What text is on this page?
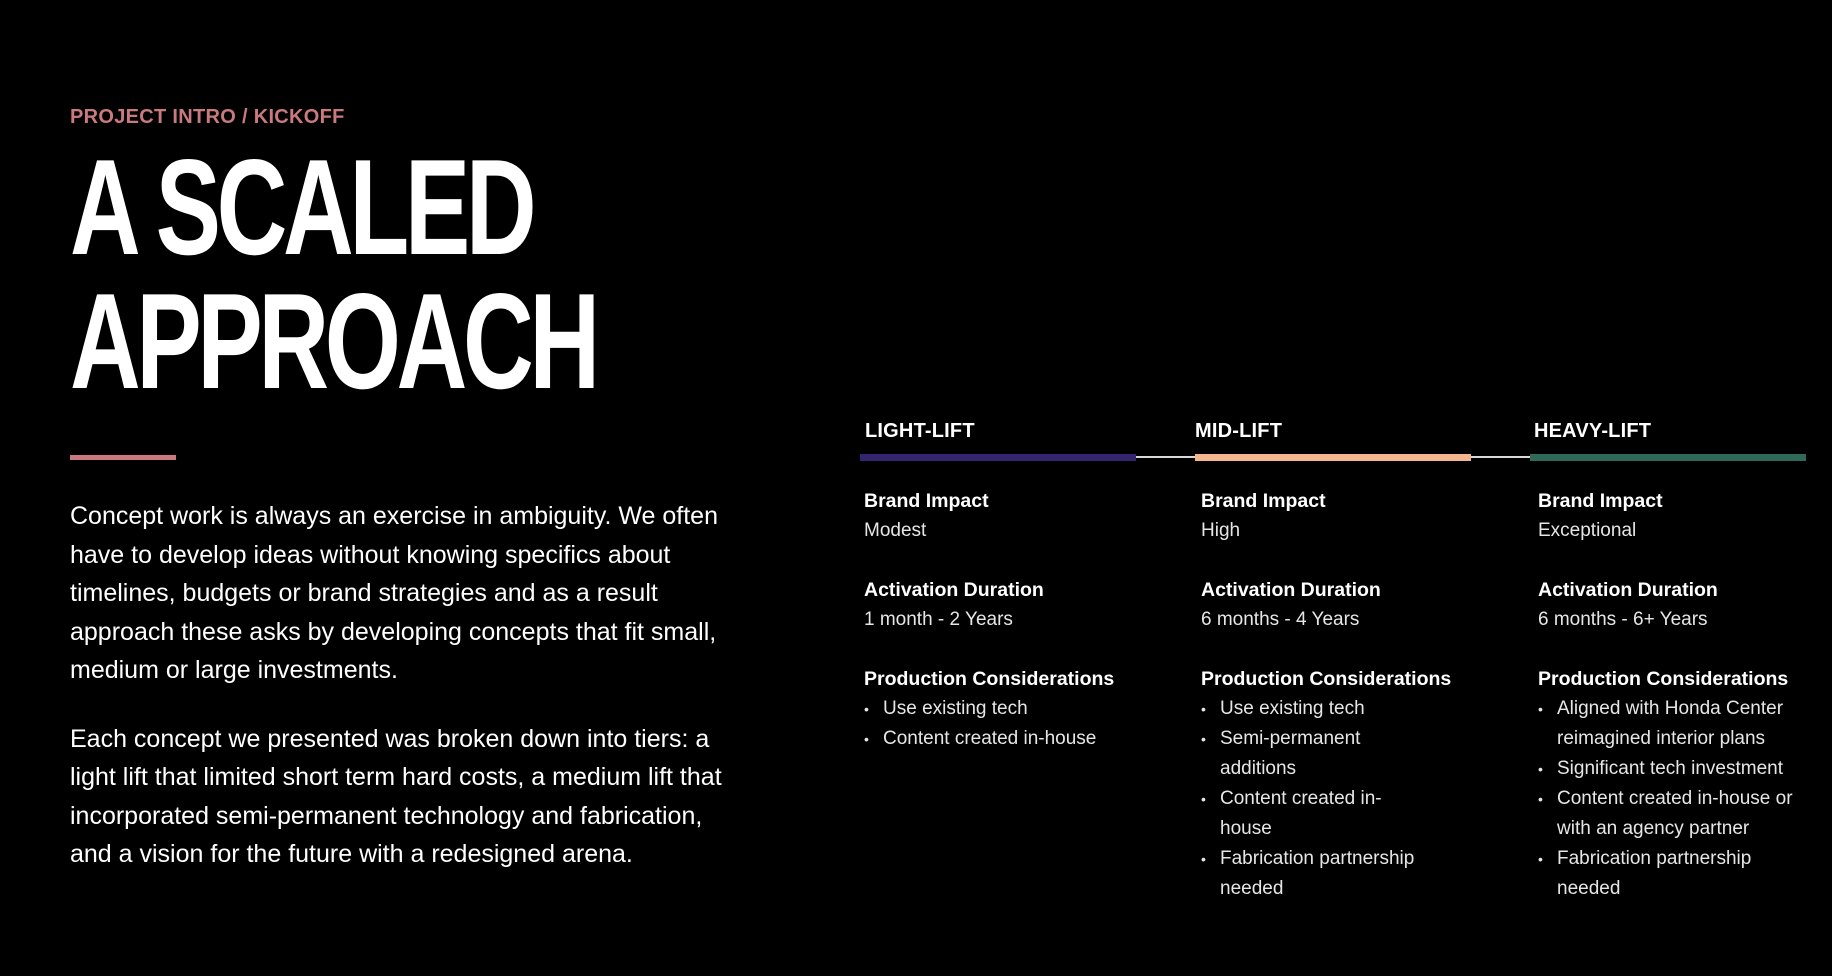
PROJECT INTRO / KICKOFF
A SCALED
APPROACH

Concept work is always an exercise in ambiguity. We often have to develop ideas without knowing specifics about timelines, budgets or brand strategies and as a result approach these asks by developing concepts that fit small, medium or large investments.

Each concept we presented was broken down into tiers: a light lift that limited short term hard costs, a medium lift that incorporated semi-permanent technology and fabrication, and a vision for the future with a redesigned arena.

LIGHT-LIFT
Brand Impact
Modest
Activation Duration
1 month - 2 Years
Production Considerations
• Use existing tech
• Content created in-house
MID-LIFT
Brand Impact
High
Activation Duration
6 months - 4 Years
Production Considerations
• Use existing tech
• Semi-permanent additions
• Content created in-house
• Fabrication partnership needed
HEAVY-LIFT
Brand Impact
Exceptional
Activation Duration
6 months - 6+ Years
Production Considerations
• Aligned with Honda Center reimagined interior plans
• Significant tech investment
• Content created in-house or with an agency partner
• Fabrication partnership needed
